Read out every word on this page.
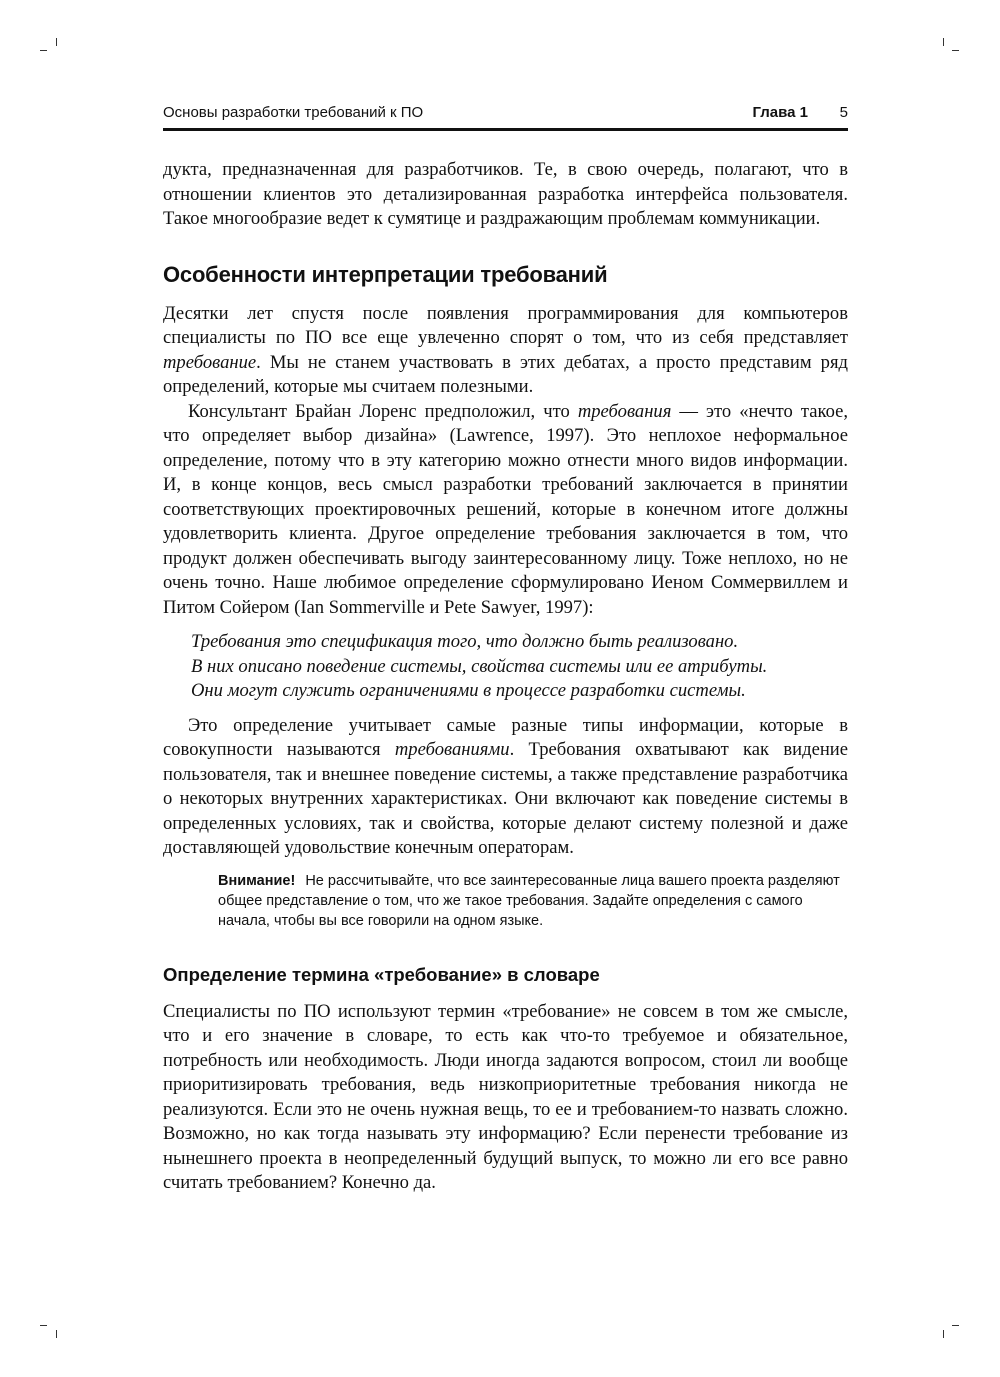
Основы разработки требований к ПО	Глава 1 5

дукта, предназначенная для разработчиков. Те, в свою очередь, полагают, что в отношении клиентов это детализированная разработка интерфейса пользователя. Такое многообразие ведет к сумятице и раздражающим проблемам коммуникации.

Особенности интерпретации требований

Десятки лет спустя после появления программирования для компьютеров специалисты по ПО все еще увлеченно спорят о том, что из себя представляет требование. Мы не станем участвовать в этих дебатах, а просто представим ряд определений, которые мы считаем полезными.

Консультант Брайан Лоренс предположил, что требования — это «нечто такое, что определяет выбор дизайна» (Lawrence, 1997). Это неплохое неформальное определение, потому что в эту категорию можно отнести много видов информации. И, в конце концов, весь смысл разработки требований заключается в принятии соответствующих проектировочных решений, которые в конечном итоге должны удовлетворить клиента. Другое определение требования заключается в том, что продукт должен обеспечивать выгоду заинтересованному лицу. Тоже неплохо, но не очень точно. Наше любимое определение сформулировано Иеном Соммервиллем и Питом Сойером (Ian Sommerville и Pete Sawyer, 1997):

Требования это спецификация того, что должно быть реализовано.
В них описано поведение системы, свойства системы или ее атрибуты.
Они могут служить ограничениями в процессе разработки системы.

Это определение учитывает самые разные типы информации, которые в совокупности называются требованиями. Требования охватывают как видение пользователя, так и внешнее поведение системы, а также представление разработчика о некоторых внутренних характеристиках. Они включают как поведение системы в определенных условиях, так и свойства, которые делают систему полезной и даже доставляющей удовольствие конечным операторам.

Внимание! Не рассчитывайте, что все заинтересованные лица вашего проекта разделяют общее представление о том, что же такое требования. Задайте определения с самого начала, чтобы вы все говорили на одном языке.
Определение термина «требование» в словаре

Специалисты по ПО используют термин «требование» не совсем в том же смысле, что и его значение в словаре, то есть как что-то требуемое и обязательное, потребность или необходимость. Люди иногда задаются вопросом, стоил ли вообще приоритизировать требования, ведь низкоприоритетные требования никогда не реализуются. Если это не очень нужная вещь, то ее и требованием-то назвать сложно. Возможно, но как тогда называть эту информацию? Если перенести требование из нынешнего проекта в неопределенный будущий выпуск, то можно ли его все равно считать требованием? Конечно да.
